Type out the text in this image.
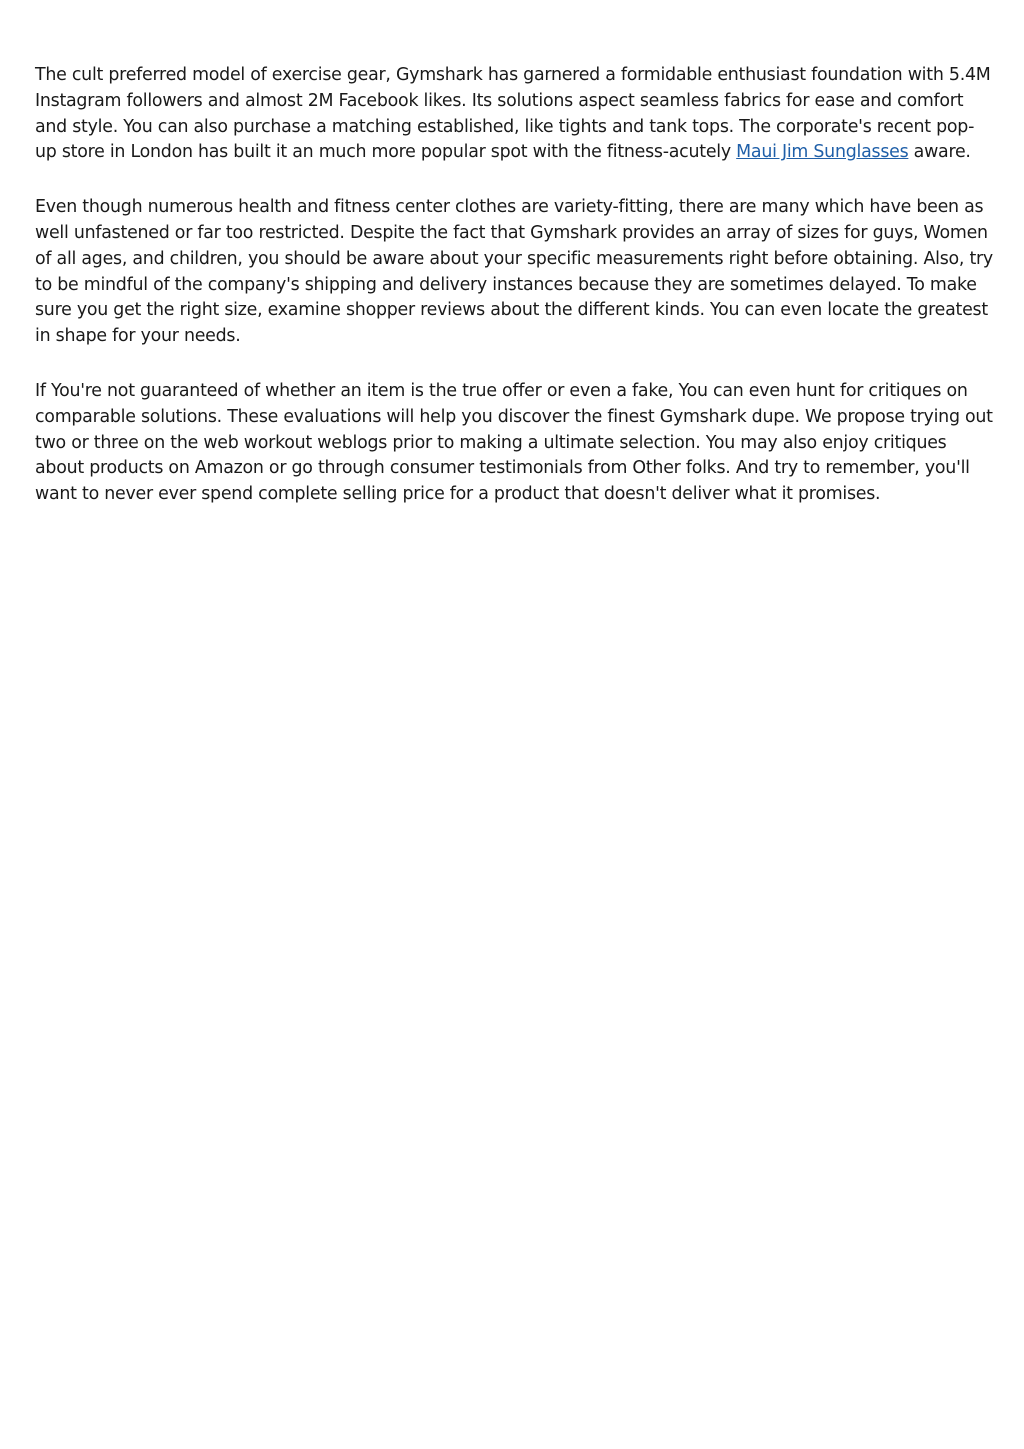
The cult preferred model of exercise gear, Gymshark has garnered a formidable enthusiast foundation with 5.4M Instagram followers and almost 2M Facebook likes. Its solutions aspect seamless fabrics for ease and comfort and style. You can also purchase a matching established, like tights and tank tops. The corporate's recent pop-up store in London has built it an much more popular spot with the fitness-acutely Maui Jim Sunglasses aware.

Even though numerous health and fitness center clothes are variety-fitting, there are many which have been as well unfastened or far too restricted. Despite the fact that Gymshark provides an array of sizes for guys, Women of all ages, and children, you should be aware about your specific measurements right before obtaining. Also, try to be mindful of the company's shipping and delivery instances because they are sometimes delayed. To make sure you get the right size, examine shopper reviews about the different kinds. You can even locate the greatest in shape for your needs.

If You're not guaranteed of whether an item is the true offer or even a fake, You can even hunt for critiques on comparable solutions. These evaluations will help you discover the finest Gymshark dupe. We propose trying out two or three on the web workout weblogs prior to making a ultimate selection. You may also enjoy critiques about products on Amazon or go through consumer testimonials from Other folks. And try to remember, you'll want to never ever spend complete selling price for a product that doesn't deliver what it promises.
